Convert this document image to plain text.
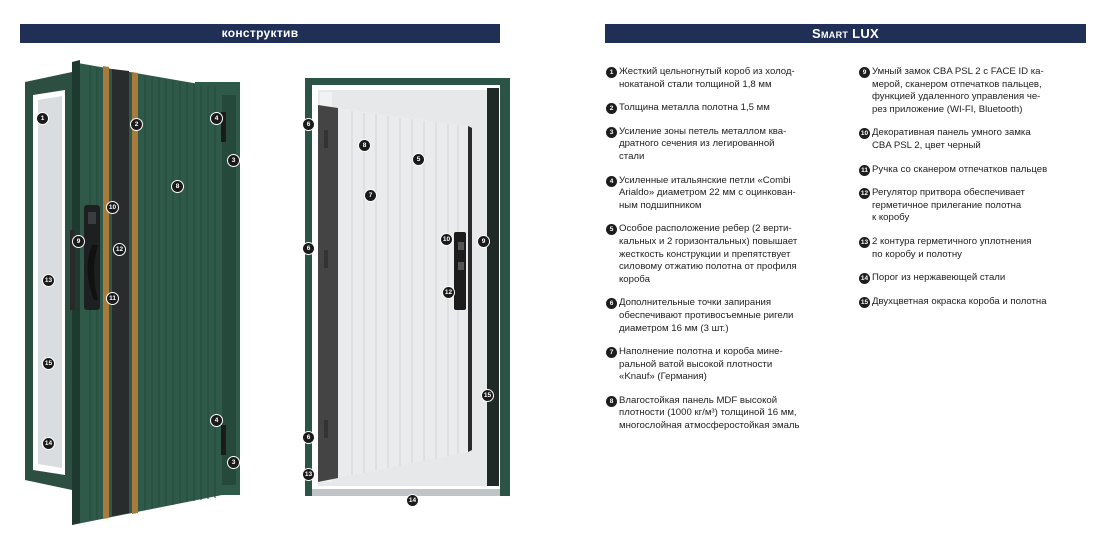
конструктив	Smart LUX
1
2
4
3
8
10
9
12
13
11
15
4
14
3
6
8
5
7
6
10	9
12
6
15
13
14
1 Жесткий цельногнутый короб из холод-
нокатаной стали толщиной 1,8 мм
2 Толщина металла полотна 1,5 мм
3 Усиление зоны петель металлом ква-
дратного сечения из легированной
стали
4 Усиленные итальянские петли «Combi
Arialdo» диаметром 22 мм с оцинкован-
ным подшипником
5 Особое расположение ребер (2 верти-
кальных и 2 горизонтальных) повышает
жесткость конструкции и препятствует
силовому отжатию полотна от профиля
короба
6 Дополнительные точки запирания
обеспечивают противосъемные ригели
диаметром 16 мм (3 шт.)
7 Наполнение полотна и короба мине-
ральной ватой высокой плотности
«Knauf» (Германия)
8 Влагостойкая панель MDF высокой
плотности (1000 кг/м³) толщиной 16 мм,
многослойная атмосферостойкая эмаль
9 Умный замок CBA PSL 2 с FACE ID ка-
мерой, сканером отпечатков пальцев,
функцией удаленного управления че-
рез приложение (WI-FI, Bluetooth)
10 Декоративная панель умного замка
CBA PSL 2, цвет черный
11 Ручка со сканером отпечатков пальцев
12 Регулятор притвора обеспечивает
герметичное прилегание полотна
к коробу
13 2 контура герметичного уплотнения
по коробу и полотну
14 Порог из нержавеющей стали
15 Двухцветная окраска короба и полотна
